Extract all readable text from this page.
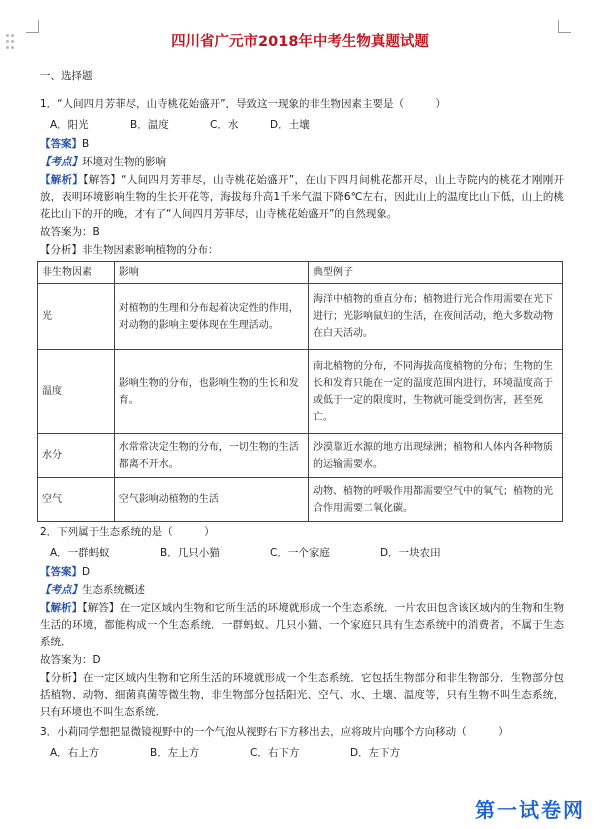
四川省广元市2018年中考生物真题试题
一、选择题
1．“人间四月芳菲尽，山寺桃花始盛开”，导致这一现象的非生物因素主要是（　　　）
A．阳光	B．温度	C．水	D．土壤
【答案】B
【考点】环境对生物的影响
【解析】【解答】“人间四月芳菲尽，山寺桃花始盛开”，在山下四月间桃花都开尽，山上寺院内的桃花才刚刚开放，表明环境影响生物的生长开花等，海拔每升高1千米气温下降6℃左右，因此山上的温度比山下低，山上的桃花比山下的开的晚，才有了“人间四月芳菲尽，山寺桃花始盛开”的自然现象。
故答案为：B
【分析】非生物因素影响植物的分布：
非生物因素	影响	典型例子
光	对植物的生理和分布起着决定性的作用，对动物的影响主要体现在生理活动。	海洋中植物的垂直分布；植物进行光合作用需要在光下进行；光影响鼠妇的生活，在夜间活动，绝大多数动物在白天活动。
温度	影响生物的分布，也影响生物的生长和发育。	南北植物的分布，不同海拔高度植物的分布；生物的生长和发育只能在一定的温度范围内进行，环境温度高于或低于一定的限度时，生物就可能受到伤害，甚至死亡。
水分	水常常决定生物的分布，一切生物的生活都离不开水。	沙漠靠近水源的地方出现绿洲；植物和人体内各种物质的运输需要水。
空气	空气影响动植物的生活	动物、植物的呼吸作用都需要空气中的氧气；植物的光合作用需要二氧化碳。
2．下列属于生态系统的是（　　　）
A．一群蚂蚁	B．几只小猫	C．一个家庭	D．一块农田
【答案】D
【考点】生态系统概述
【解析】【解答】在一定区域内生物和它所生活的环境就形成一个生态系统．一片农田包含该区域内的生物和生物生活的环境，都能构成一个生态系统．一群蚂蚁、几只小猫、一个家庭只具有生态系统中的消费者，不属于生态系统．
故答案为：D
【分析】在一定区域内生物和它所生活的环境就形成一个生态系统．它包括生物部分和非生物部分．生物部分包括植物、动物、细菌真菌等微生物，非生物部分包括阳光、空气、水、土壤、温度等，只有生物不叫生态系统，只有环境也不叫生态系统．
3．小莉同学想把显微镜视野中的一个气泡从视野右下方移出去，应将玻片向哪个方向移动（　　　）
A．右上方	B．左上方	C．右下方	D．左下方
第一试卷网
